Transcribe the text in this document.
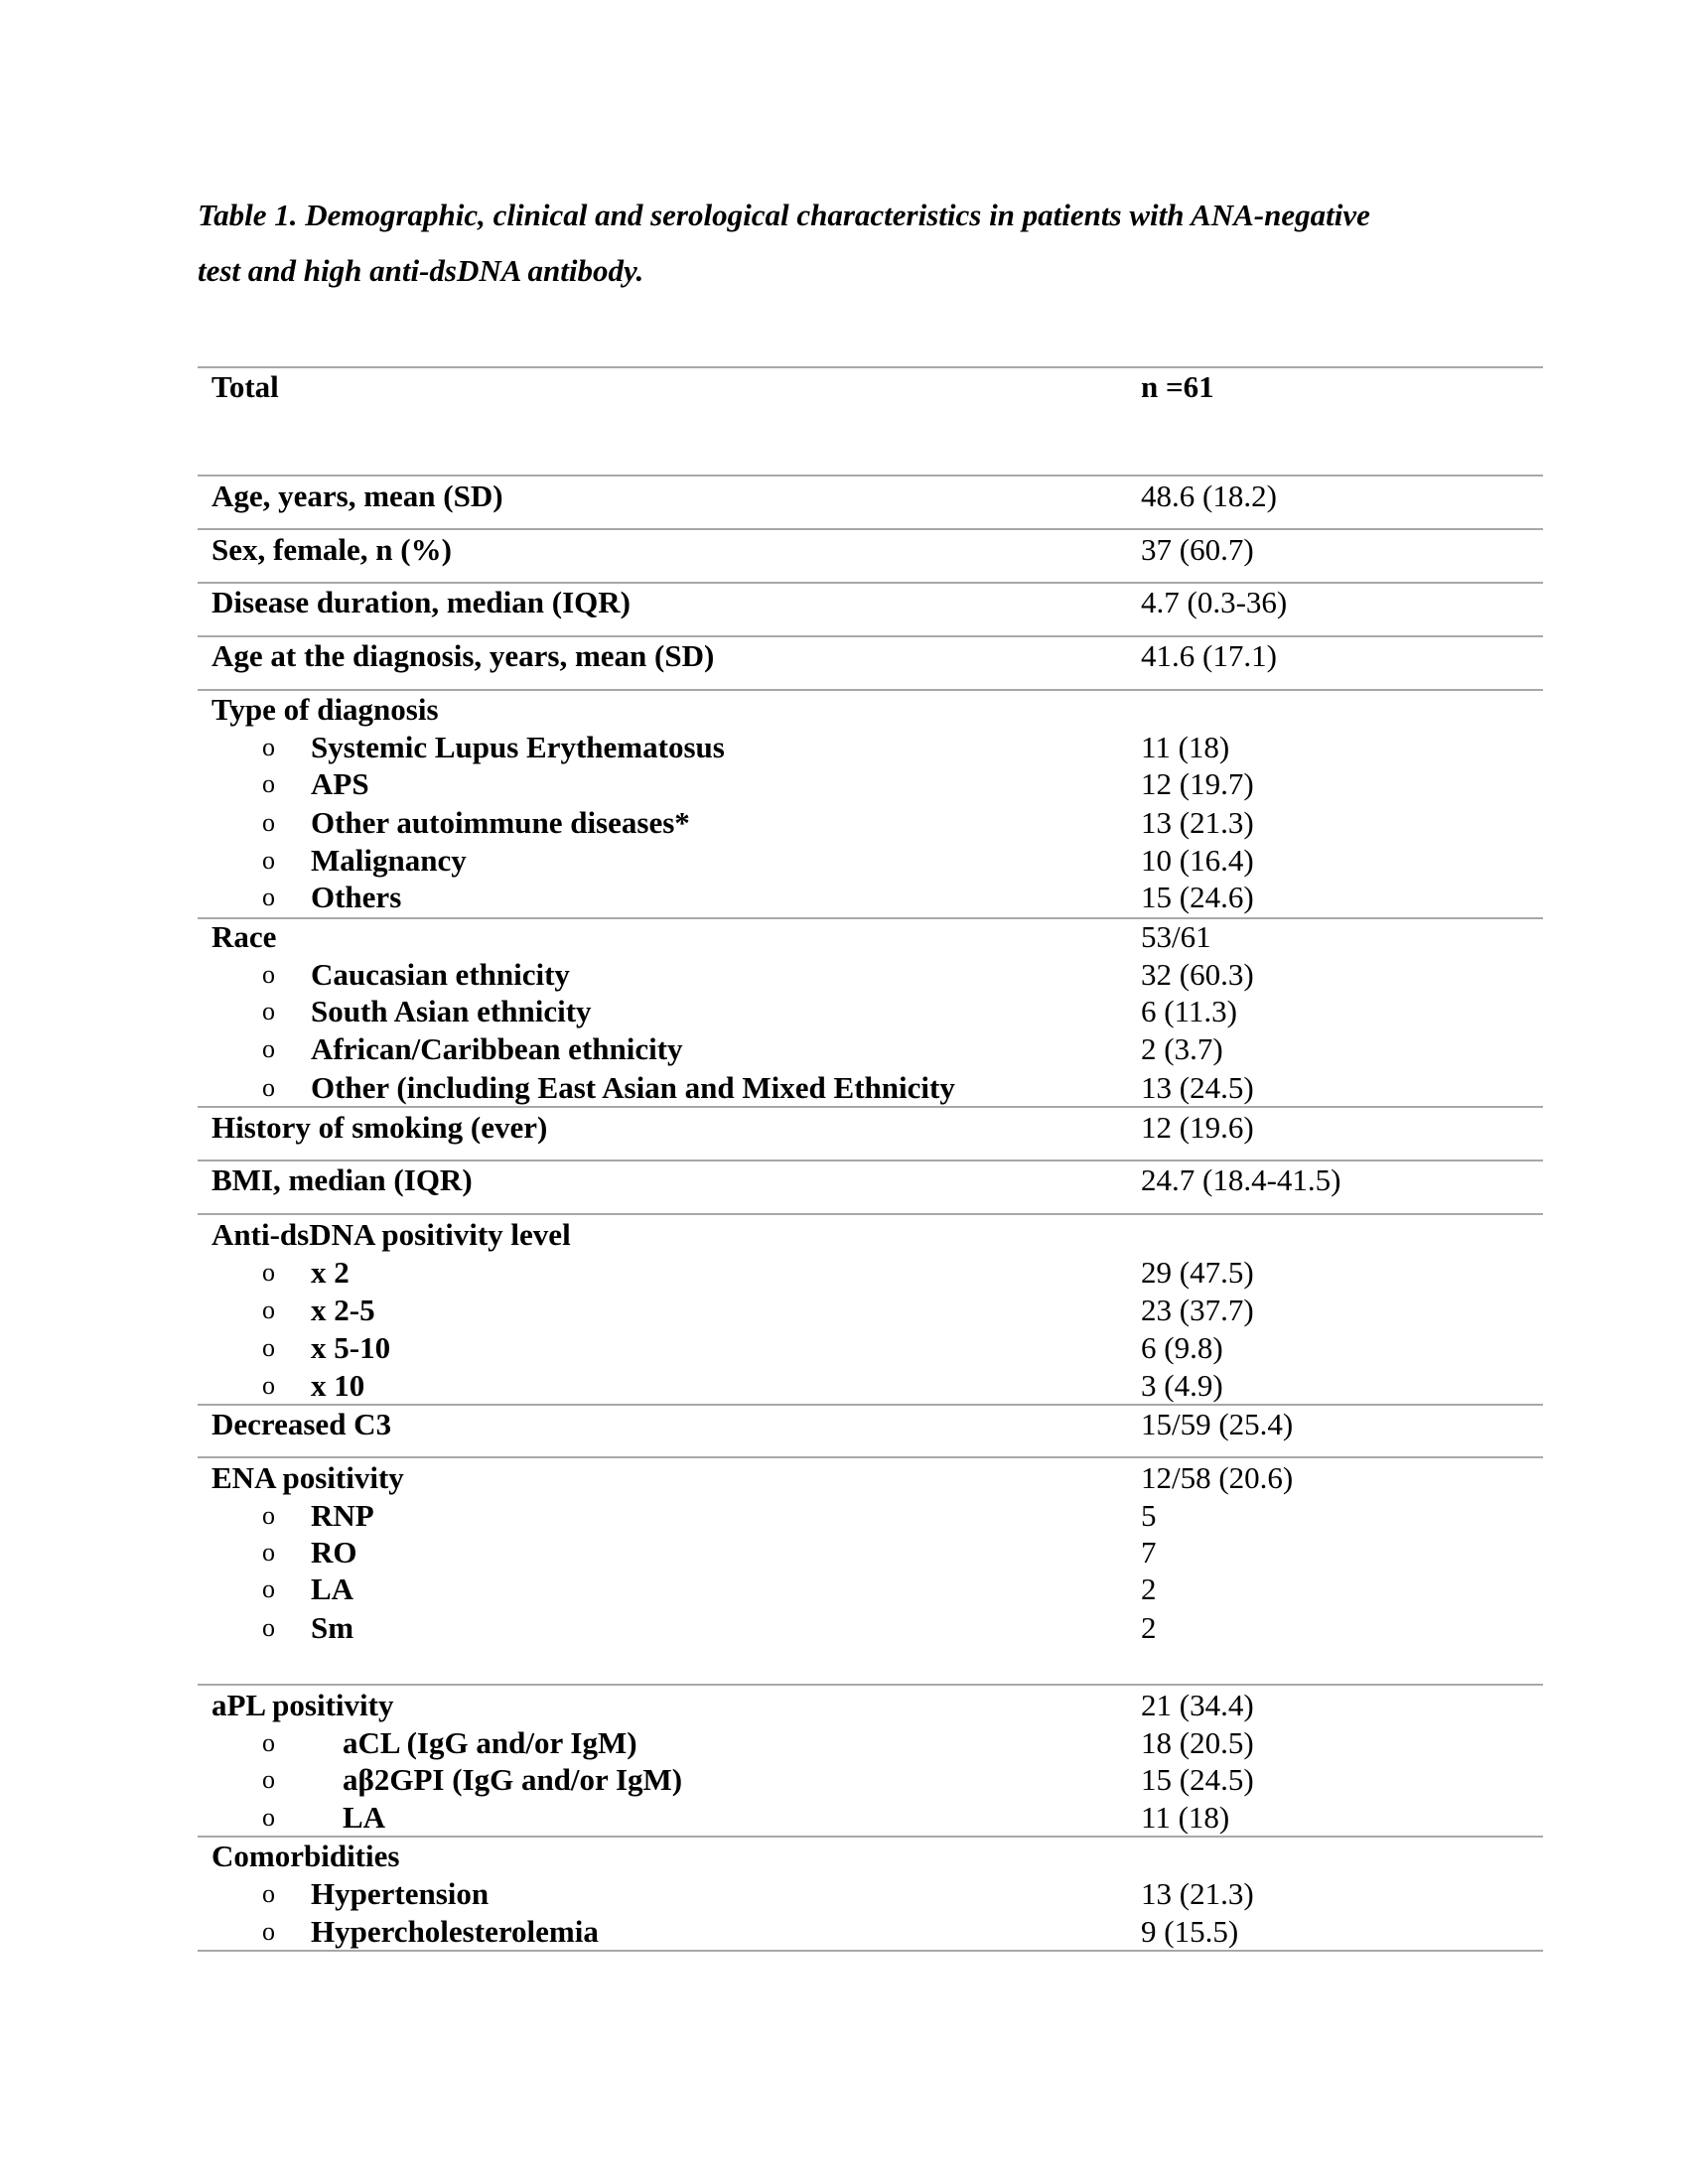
Table 1. Demographic, clinical and serological characteristics in patients with ANA-negative
test and high anti-dsDNA antibody.
Total	n =61
Age, years, mean (SD)	48.6 (18.2)
Sex, female, n (%)	37 (60.7)
Disease duration, median (IQR)	4.7 (0.3-36)
Age at the diagnosis, years, mean (SD)	41.6 (17.1)
Type of diagnosis
o Systemic Lupus Erythematosus	11 (18)
o APS	12 (19.7)
o Other autoimmune diseases*	13 (21.3)
o Malignancy	10 (16.4)
o Others	15 (24.6)
Race	53/61
o Caucasian ethnicity	32 (60.3)
o South Asian ethnicity	6 (11.3)
o African/Caribbean ethnicity	2 (3.7)
o Other (including East Asian and Mixed Ethnicity	13 (24.5)
History of smoking (ever)	12 (19.6)
BMI, median (IQR)	24.7 (18.4-41.5)
Anti-dsDNA positivity level
o x 2	29 (47.5)
o x 2-5	23 (37.7)
o x 5-10	6 (9.8)
o x 10	3 (4.9)
Decreased C3	15/59 (25.4)
ENA positivity	12/58 (20.6)
o RNP	5
o RO	7
o LA	2
o Sm	2
aPL positivity	21 (34.4)
o aCL (IgG and/or IgM)	18 (20.5)
o aβ2GPI (IgG and/or IgM)	15 (24.5)
o LA	11 (18)
Comorbidities
o Hypertension	13 (21.3)
o Hypercholesterolemia	9 (15.5)
